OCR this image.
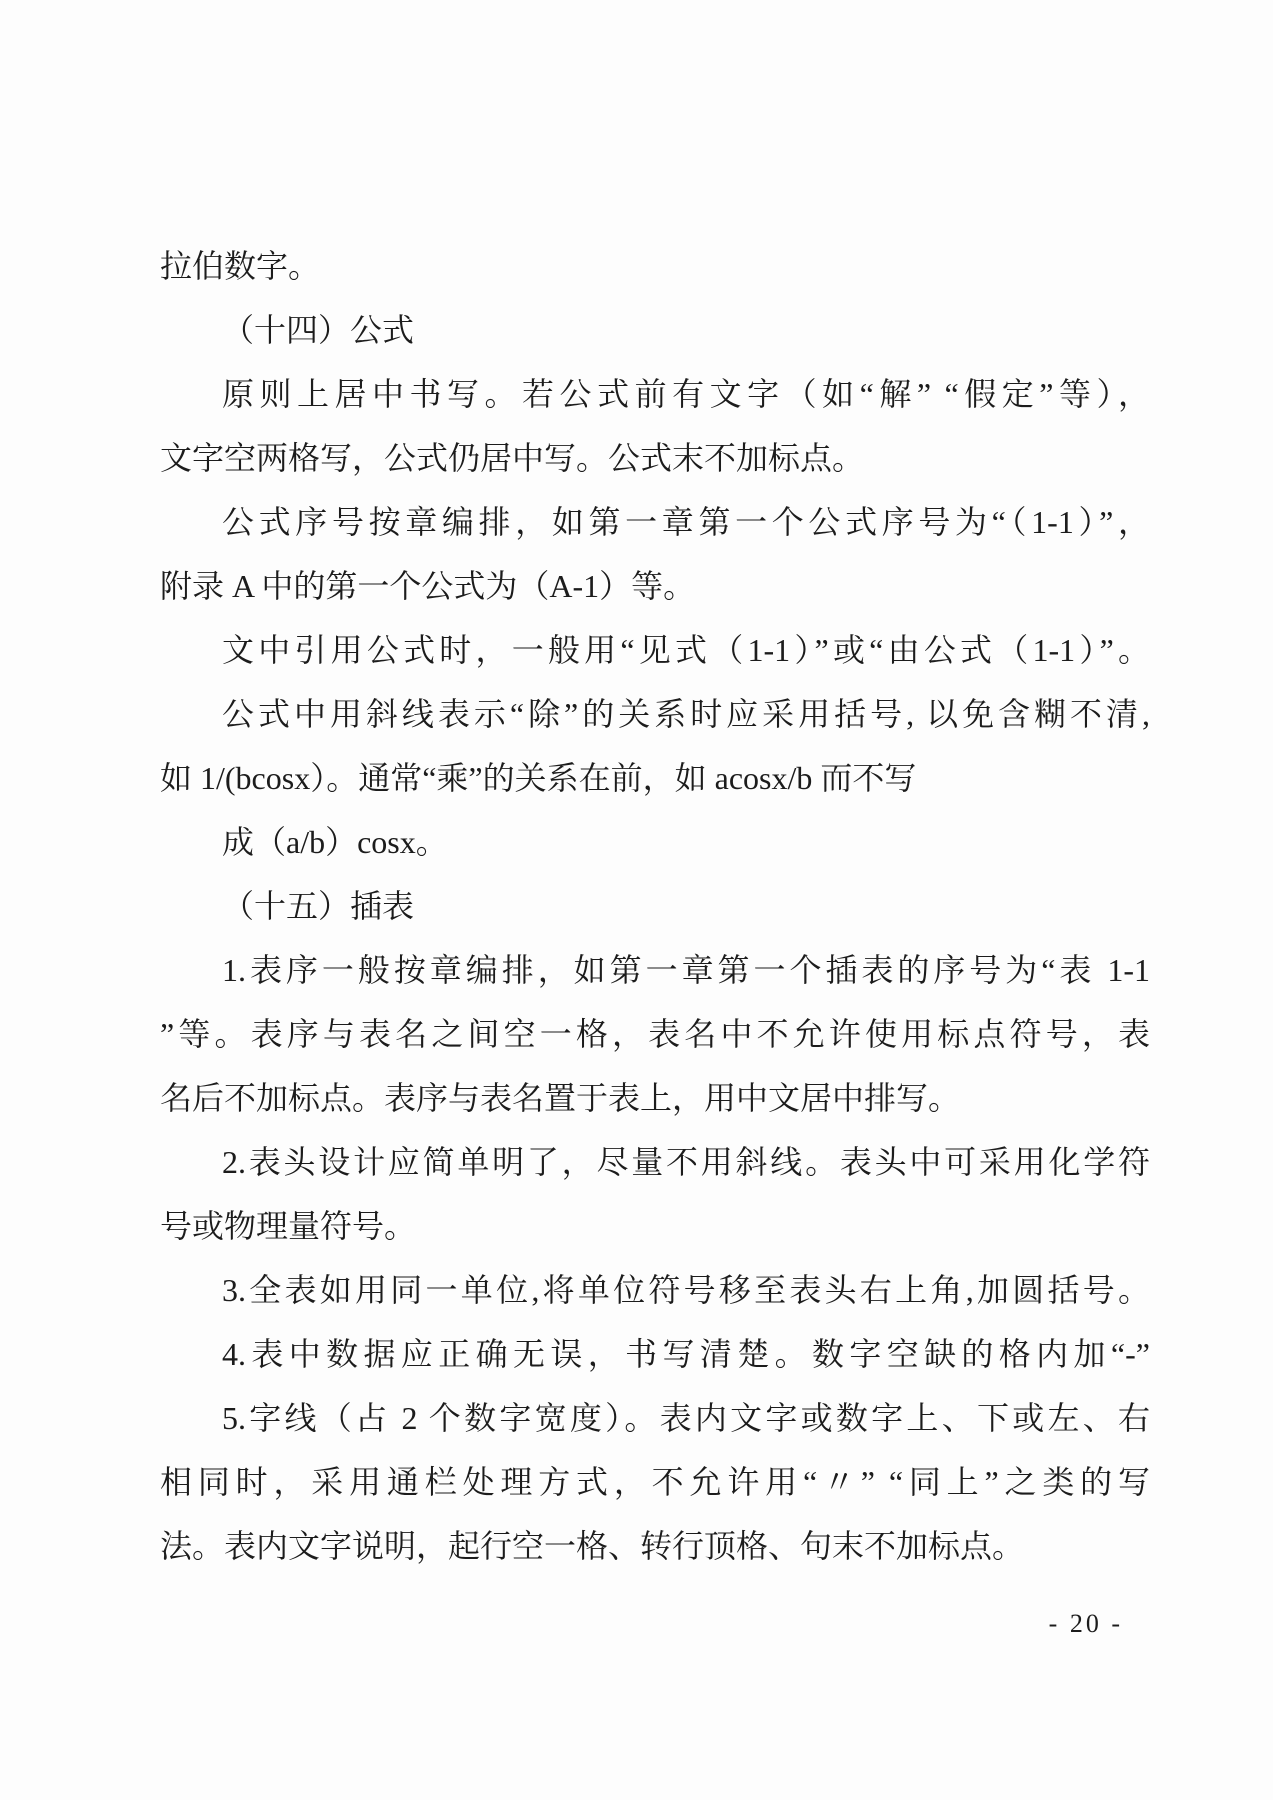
拉伯数字。
（十四）公式
原则上居中书写。若公式前有文字（如“解” “假定”等），
文字空两格写，公式仍居中写。公式末不加标点。
公式序号按章编排，如第一章第一个公式序号为“（1-1）”，
附录 A 中的第一个公式为（A-1）等。
文中引用公式时，一般用“见式（1-1）”或“由公式（1-1）”。
公式中用斜线表示“除”的关系时应采用括号, 以免含糊不清,
如 1/(bcosx）。通常“乘”的关系在前，如 acosx/b 而不写
成（a/b）cosx。
（十五）插表
1.表序一般按章编排，如第一章第一个插表的序号为“表 1-1
”等。表序与表名之间空一格，表名中不允许使用标点符号，表
名后不加标点。表序与表名置于表上，用中文居中排写。
2.表头设计应简单明了，尽量不用斜线。表头中可采用化学符
号或物理量符号。
3.全表如用同一单位,将单位符号移至表头右上角,加圆括号。
4.表中数据应正确无误，书写清楚。数字空缺的格内加“-”
5.字线（占 2 个数字宽度）。表内文字或数字上、下或左、右
相同时，采用通栏处理方式，不允许用“〃” “同上”之类的写
法。表内文字说明，起行空一格、转行顶格、句末不加标点。
- 20 -
